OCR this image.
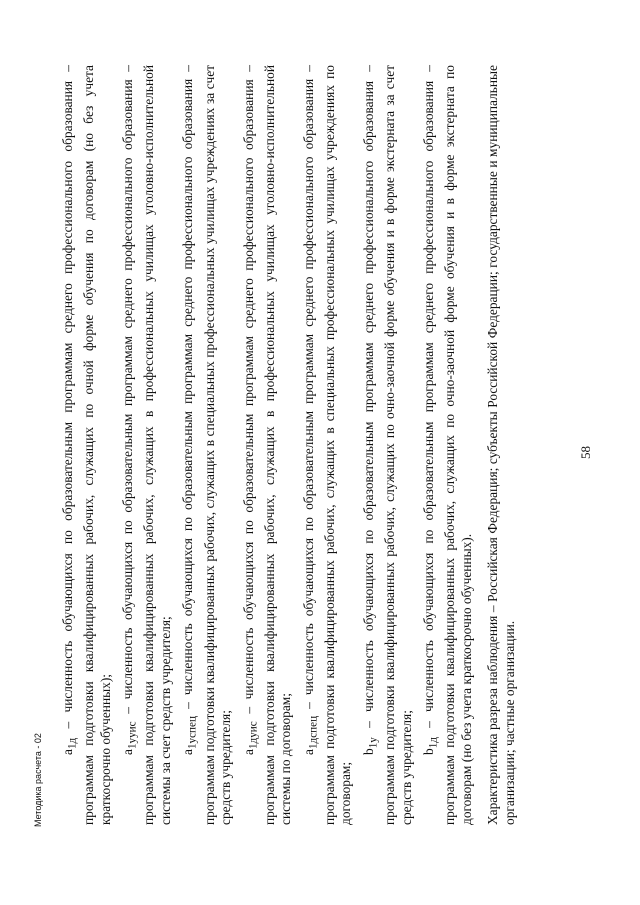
58

$a_{1д}$ – численность обучающихся по образовательным программам среднего профессионального образования – программам подготовки квалифицированных рабочих, служащих по очной форме обучения по договорам (но без учета краткосрочно обученных); $a_{1ууис}$ – численность обучающихся по образовательным программам среднего профессионального образования – программам подготовки квалифицированных рабочих, служащих в профессиональных училищах уголовно-исполнительной системы за счет средств учредителя; $a_{1успец}$ – численность обучающихся по образовательным программам среднего профессионального образования – программам подготовки квалифицированных рабочих, служащих в специальных профессиональных училищах учреждениях за счет средств учредителя; $a_{1дуис}$ – численность обучающихся по образовательным программам среднего профессионального образования – программам подготовки квалифицированных рабочих, служащих в профессиональных училищах уголовно-исполнительной системы по договорам; $a_{1дспец}$ – численность обучающихся по образовательным программам среднего профессионального образования – программам подготовки квалифицированных рабочих, служащих в специальных профессиональных училищах учреждениях по договорам;

$b_{1у}$ – численность обучающихся по образовательным программам среднего профессионального образования – программам подготовки квалифицированных рабочих, служащих по очно-заочной форме обучения и в форме экстерната за счет средств учредителя; $b_{1д}$ – численность обучающихся по образовательным программам среднего профессионального образования – программам подготовки квалифицированных рабочих, служащих по очно-заочной форме обучения и в форме экстерната по договорам (но без учета краткосрочно обученных). Характеристика разреза наблюдения – Российская Федерация; субъекты Российской Федерации; государственные и муниципальные организации; частные организации.

Методика расчета - 02
